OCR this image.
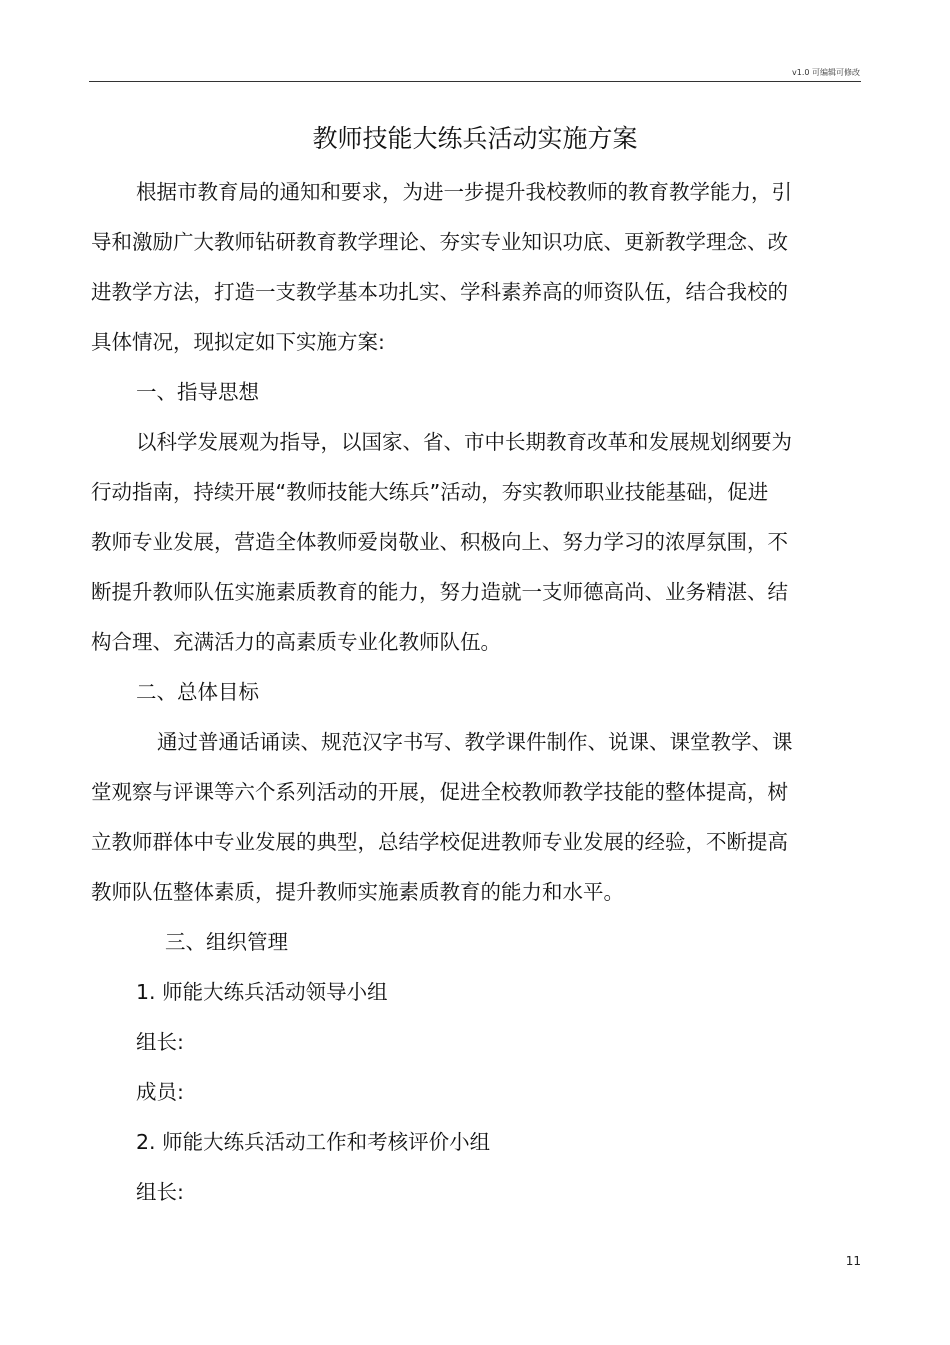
v1.0 可编辑可修改
教师技能大练兵活动实施方案
根据市教育局的通知和要求，为进一步提升我校教师的教育教学能力，引
导和激励广大教师钻研教育教学理论、夯实专业知识功底、更新教学理念、改
进教学方法，打造一支教学基本功扎实、学科素养高的师资队伍，结合我校的
具体情况，现拟定如下实施方案:
一、指导思想
以科学发展观为指导，以国家、省、市中长期教育改革和发展规划纲要为
行动指南，持续开展“教师技能大练兵”活动，夯实教师职业技能基础，促进
教师专业发展，营造全体教师爱岗敬业、积极向上、努力学习的浓厚氛围，不
断提升教师队伍实施素质教育的能力，努力造就一支师德高尚、业务精湛、结
构合理、充满活力的高素质专业化教师队伍。
二、总体目标
通过普通话诵读、规范汉字书写、教学课件制作、说课、课堂教学、课
堂观察与评课等六个系列活动的开展，促进全校教师教学技能的整体提高，树
立教师群体中专业发展的典型，总结学校促进教师专业发展的经验，不断提高
教师队伍整体素质，提升教师实施素质教育的能力和水平。
三、组织管理
1. 师能大练兵活动领导小组
组长:
成员:
2. 师能大练兵活动工作和考核评价小组
组长:
11
